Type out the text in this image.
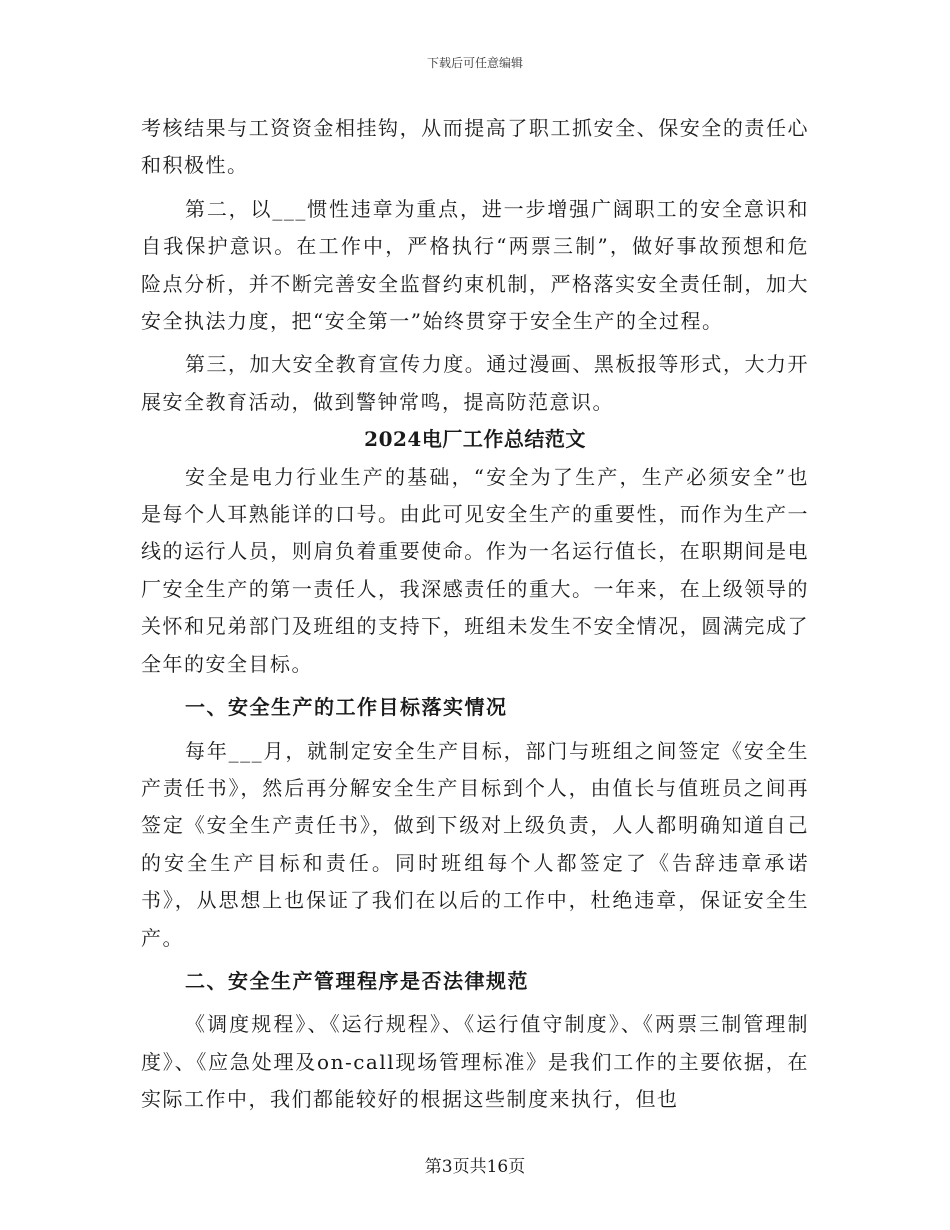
下载后可任意编辑

考核结果与工资资金相挂钩，从而提高了职工抓安全、保安全的责任心和积极性。

第二，以___惯性违章为重点，进一步增强广阔职工的安全意识和自我保护意识。在工作中，严格执行“两票三制”，做好事故预想和危险点分析，并不断完善安全监督约束机制，严格落实安全责任制，加大安全执法力度，把“安全第一”始终贯穿于安全生产的全过程。

第三，加大安全教育宣传力度。通过漫画、黑板报等形式，大力开展安全教育活动，做到警钟常鸣，提高防范意识。

2024电厂工作总结范文

安全是电力行业生产的基础，“安全为了生产，生产必须安全”也是每个人耳熟能详的口号。由此可见安全生产的重要性，而作为生产一线的运行人员，则肩负着重要使命。作为一名运行值长，在职期间是电厂安全生产的第一责任人，我深感责任的重大。一年来，在上级领导的关怀和兄弟部门及班组的支持下，班组未发生不安全情况，圆满完成了全年的安全目标。

一、安全生产的工作目标落实情况

每年___月，就制定安全生产目标，部门与班组之间签定《安全生产责任书》，然后再分解安全生产目标到个人，由值长与值班员之间再签定《安全生产责任书》，做到下级对上级负责，人人都明确知道自己的安全生产目标和责任。同时班组每个人都签定了《告辞违章承诺书》，从思想上也保证了我们在以后的工作中，杜绝违章，保证安全生产。

二、安全生产管理程序是否法律规范

《调度规程》、《运行规程》、《运行值守制度》、《两票三制管理制度》、《应急处理及on-call现场管理标准》是我们工作的主要依据，在实际工作中，我们都能较好的根据这些制度来执行，但也

第3页共16页
